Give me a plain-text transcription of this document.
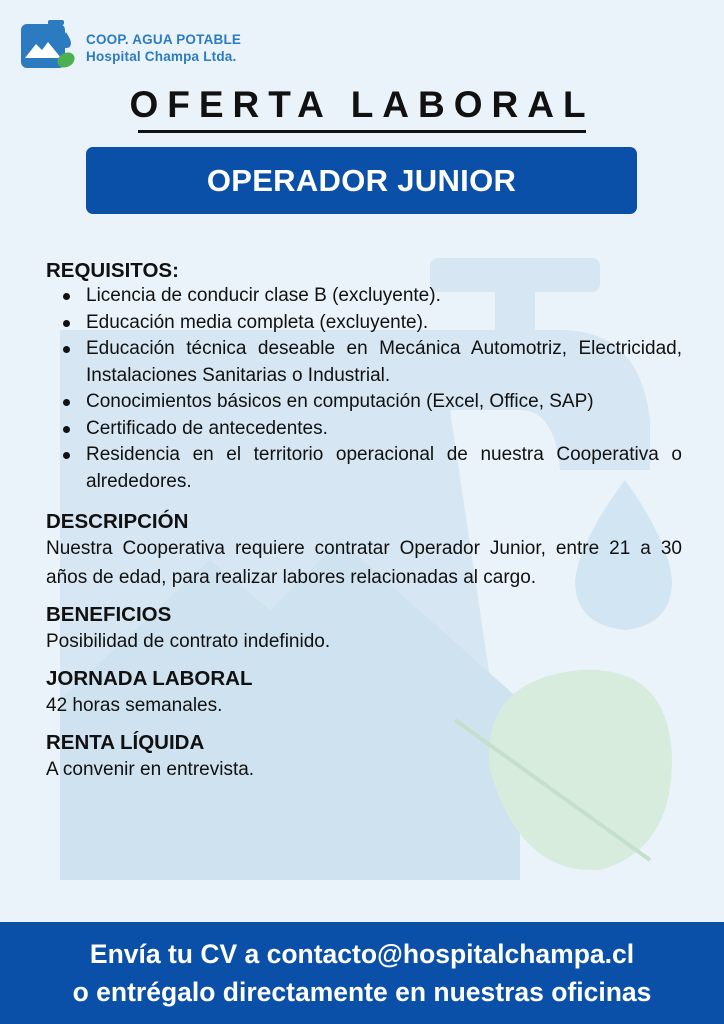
COOP. AGUA POTABLE
Hospital Champa Ltda.
OFERTA LABORAL
OPERADOR JUNIOR
REQUISITOS:
Licencia de conducir clase B (excluyente).
Educación media completa (excluyente).
Educación técnica deseable en Mecánica Automotriz, Electricidad, Instalaciones Sanitarias o Industrial.
Conocimientos básicos en computación (Excel, Office, SAP)
Certificado de antecedentes.
Residencia en el territorio operacional de nuestra Cooperativa o alrededores.
DESCRIPCIÓN
Nuestra Cooperativa requiere contratar Operador Junior, entre 21 a 30 años de edad, para realizar labores relacionadas al cargo.
BENEFICIOS
Posibilidad de contrato indefinido.
JORNADA LABORAL
42 horas semanales.
RENTA LÍQUIDA
A convenir en entrevista.
Envía tu CV a contacto@hospitalchampa.cl
o entrégalo directamente en nuestras oficinas
